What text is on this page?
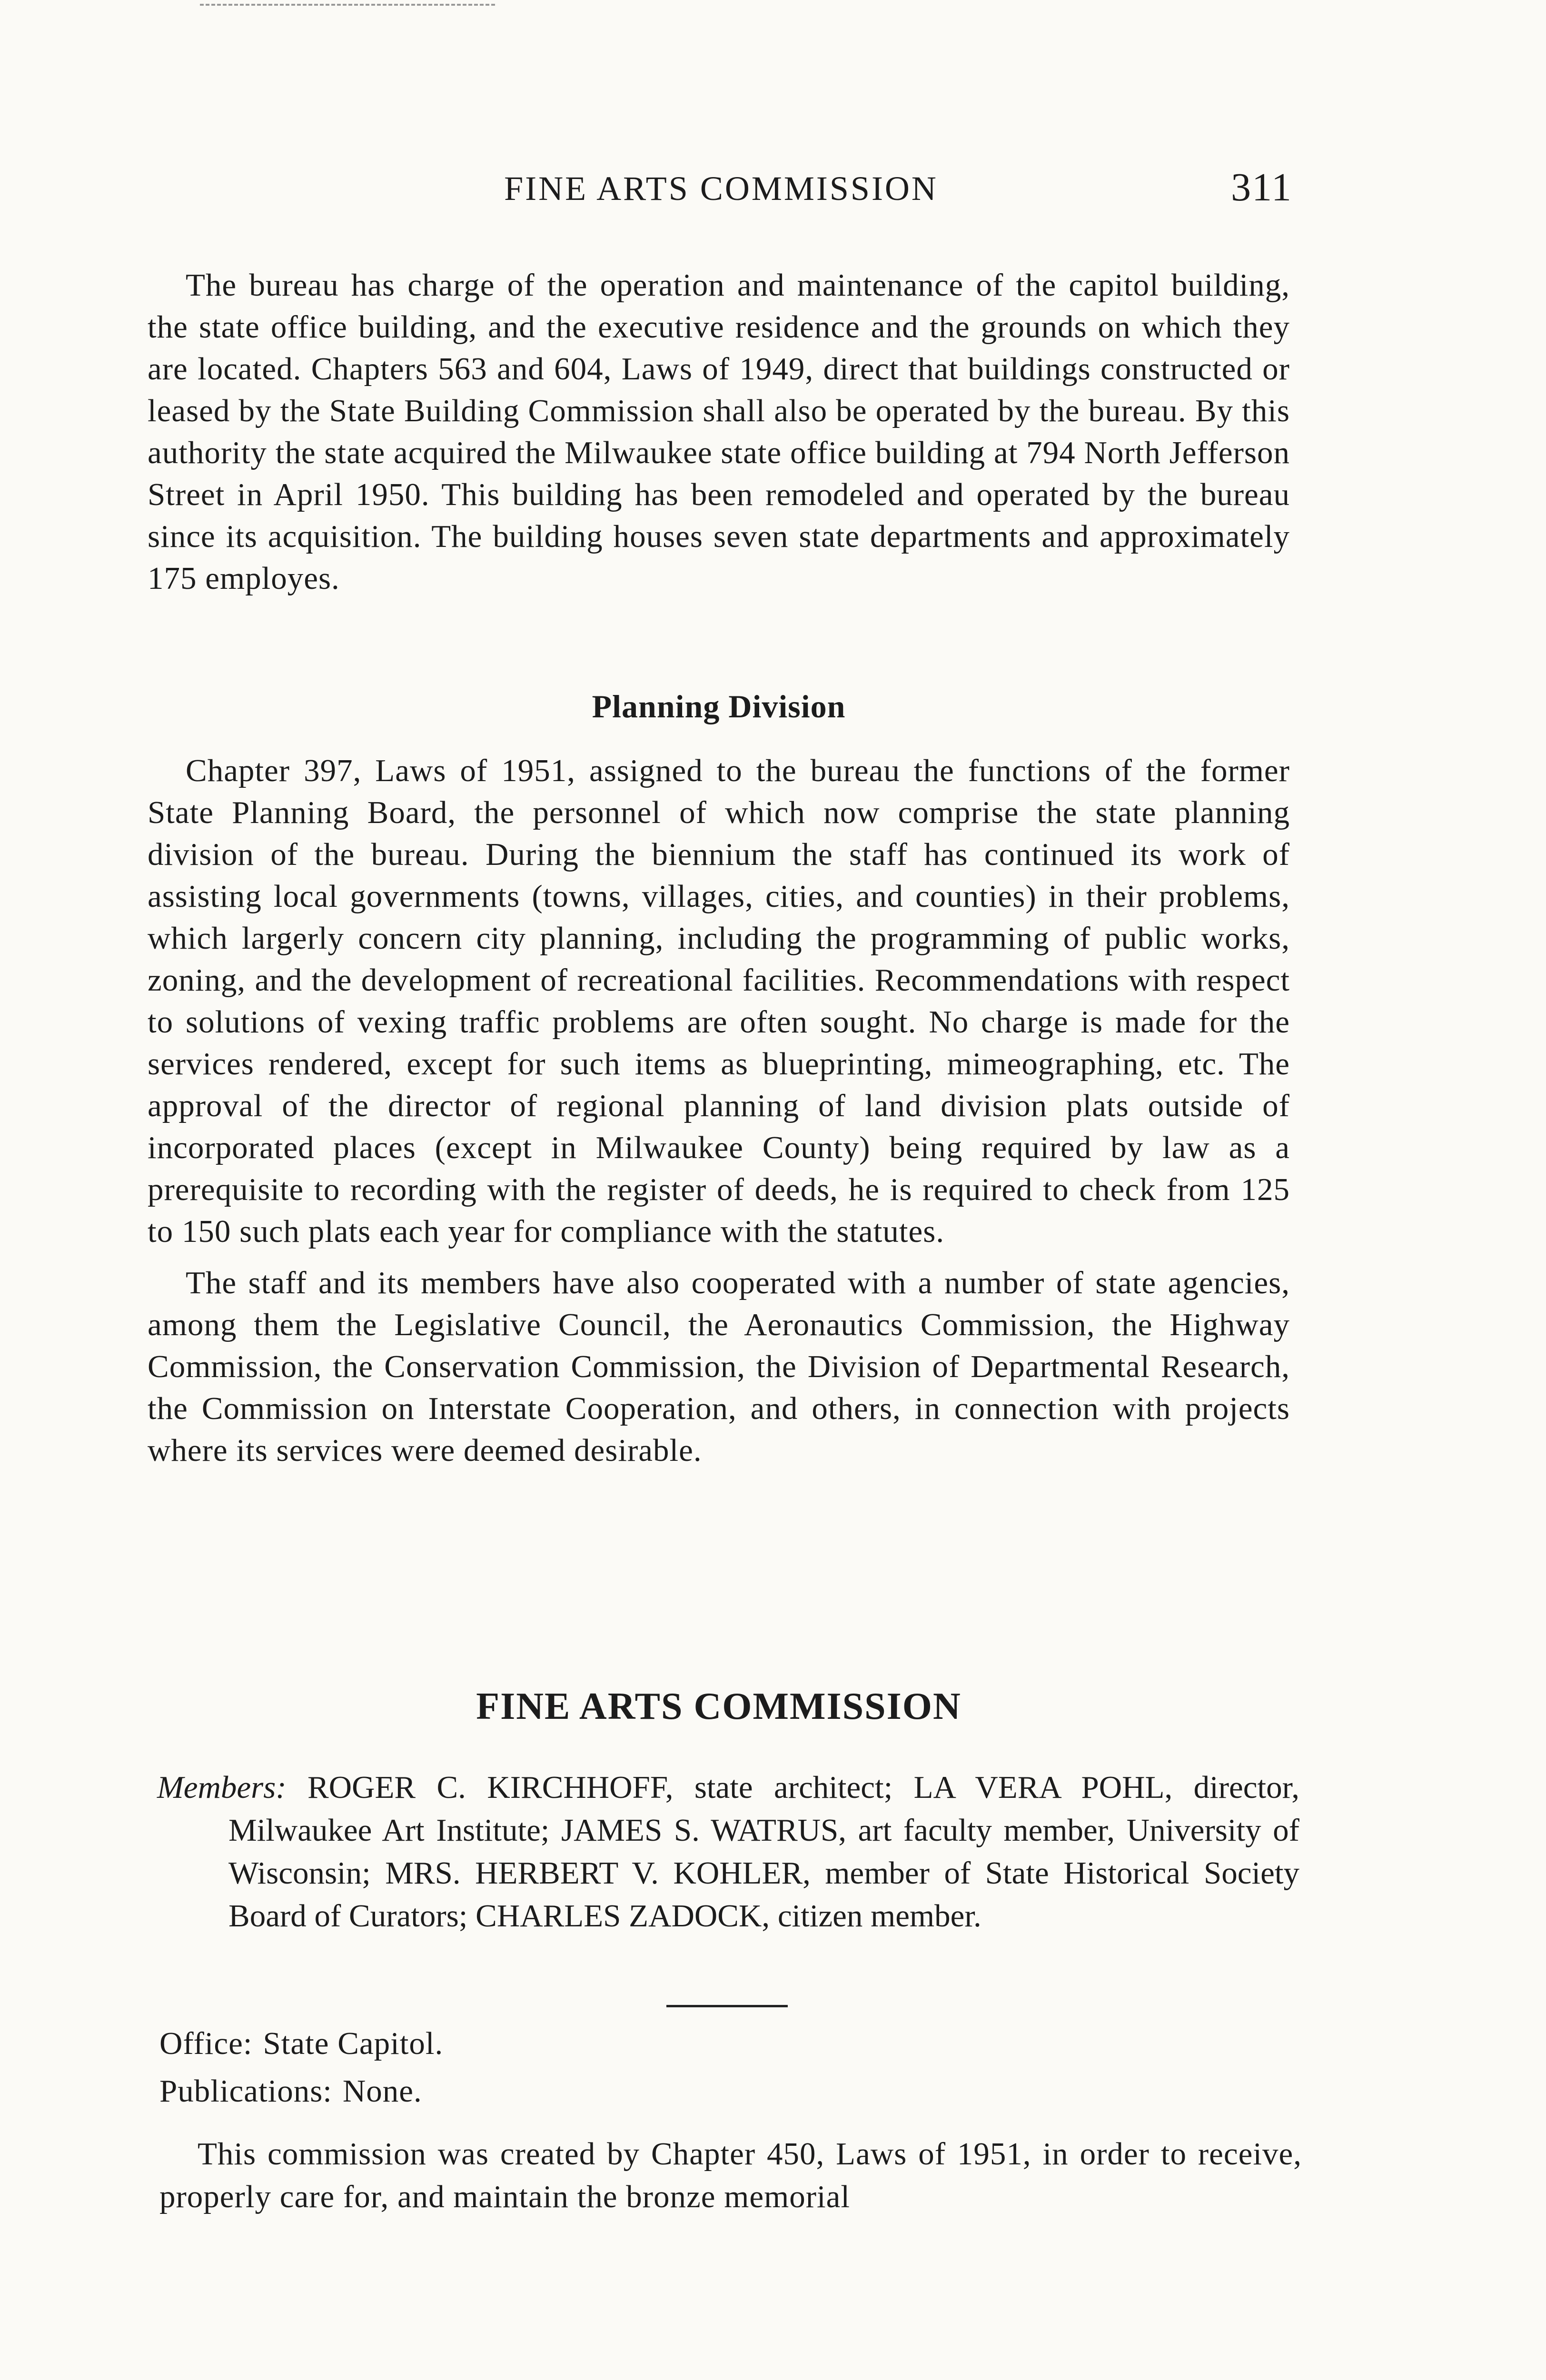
FINE ARTS COMMISSION	311

The bureau has charge of the operation and maintenance of the capitol building, the state office building, and the executive residence and the grounds on which they are located. Chapters 563 and 604, Laws of 1949, direct that buildings constructed or leased by the State Building Commission shall also be operated by the bureau. By this authority the state acquired the Milwaukee state office building at 794 North Jefferson Street in April 1950. This building has been remodeled and operated by the bureau since its acquisition. The building houses seven state departments and approximately 175 employes.

Planning Division

Chapter 397, Laws of 1951, assigned to the bureau the functions of the former State Planning Board, the personnel of which now comprise the state planning division of the bureau. During the biennium the staff has continued its work of assisting local governments (towns, villages, cities, and counties) in their problems, which largerly concern city planning, including the programming of public works, zoning, and the development of recreational facilities. Recommendations with respect to solutions of vexing traffic problems are often sought. No charge is made for the services rendered, except for such items as blueprinting, mimeographing, etc. The approval of the director of regional planning of land division plats outside of incorporated places (except in Milwaukee County) being required by law as a prerequisite to recording with the register of deeds, he is required to check from 125 to 150 such plats each year for compliance with the statutes.

The staff and its members have also cooperated with a number of state agencies, among them the Legislative Council, the Aeronautics Commission, the Highway Commission, the Conservation Commission, the Division of Departmental Research, the Commission on Interstate Cooperation, and others, in connection with projects where its services were deemed desirable.

FINE ARTS COMMISSION
Members: ROGER C. KIRCHHOFF, state architect; LA VERA POHL, director, Milwaukee Art Institute; JAMES S. WATRUS, art faculty member, University of Wisconsin; MRS. HERBERT V. KOHLER, member of State Historical Society Board of Curators; CHARLES ZADOCK, citizen member.
Office: State Capitol.
Publications: None.

This commission was created by Chapter 450, Laws of 1951, in order to receive, properly care for, and maintain the bronze memorial
